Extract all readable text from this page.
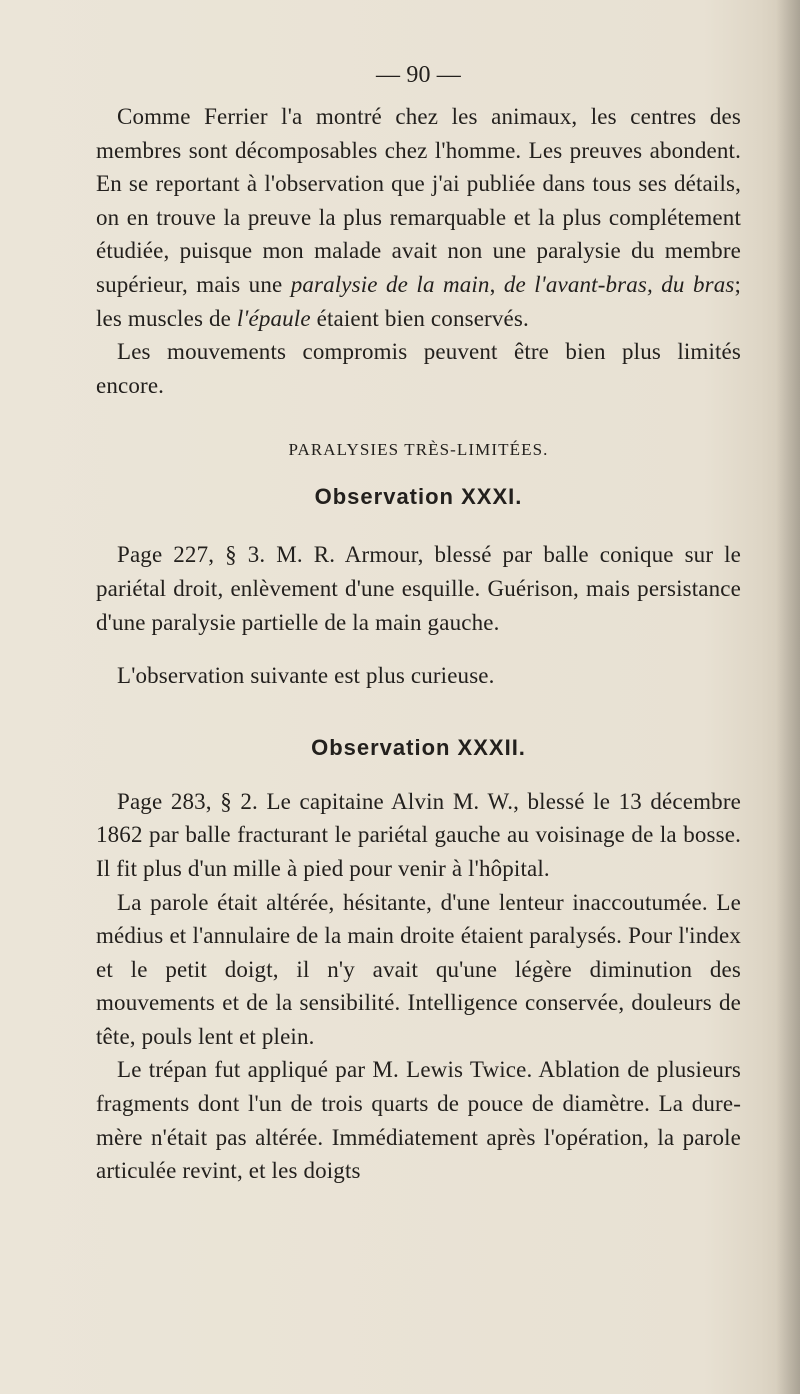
— 90 —

Comme Ferrier l'a montré chez les animaux, les centres des membres sont décomposables chez l'homme. Les preuves abondent. En se reportant à l'observation que j'ai publiée dans tous ses détails, on en trouve la preuve la plus remarquable et la plus complétement étudiée, puisque mon malade avait non une paralysie du membre supérieur, mais une paralysie de la main, de l'avant-bras, du bras; les muscles de l'épaule étaient bien conservés.

Les mouvements compromis peuvent être bien plus limités encore.

PARALYSIES TRÈS-LIMITÉES.
Observation XXXI.

Page 227, § 3. M. R. Armour, blessé par balle conique sur le pariétal droit, enlèvement d'une esquille. Guérison, mais persistance d'une paralysie partielle de la main gauche.

L'observation suivante est plus curieuse.

Observation XXXII.

Page 283, § 2. Le capitaine Alvin M. W., blessé le 13 décembre 1862 par balle fracturant le pariétal gauche au voisinage de la bosse. Il fit plus d'un mille à pied pour venir à l'hôpital.

La parole était altérée, hésitante, d'une lenteur inaccoutumée. Le médius et l'annulaire de la main droite étaient paralysés. Pour l'index et le petit doigt, il n'y avait qu'une légère diminution des mouvements et de la sensibilité. Intelligence conservée, douleurs de tête, pouls lent et plein.

Le trépan fut appliqué par M. Lewis Twice. Ablation de plusieurs fragments dont l'un de trois quarts de pouce de diamètre. La dure-mère n'était pas altérée. Immédiatement après l'opération, la parole articulée revint, et les doigts
